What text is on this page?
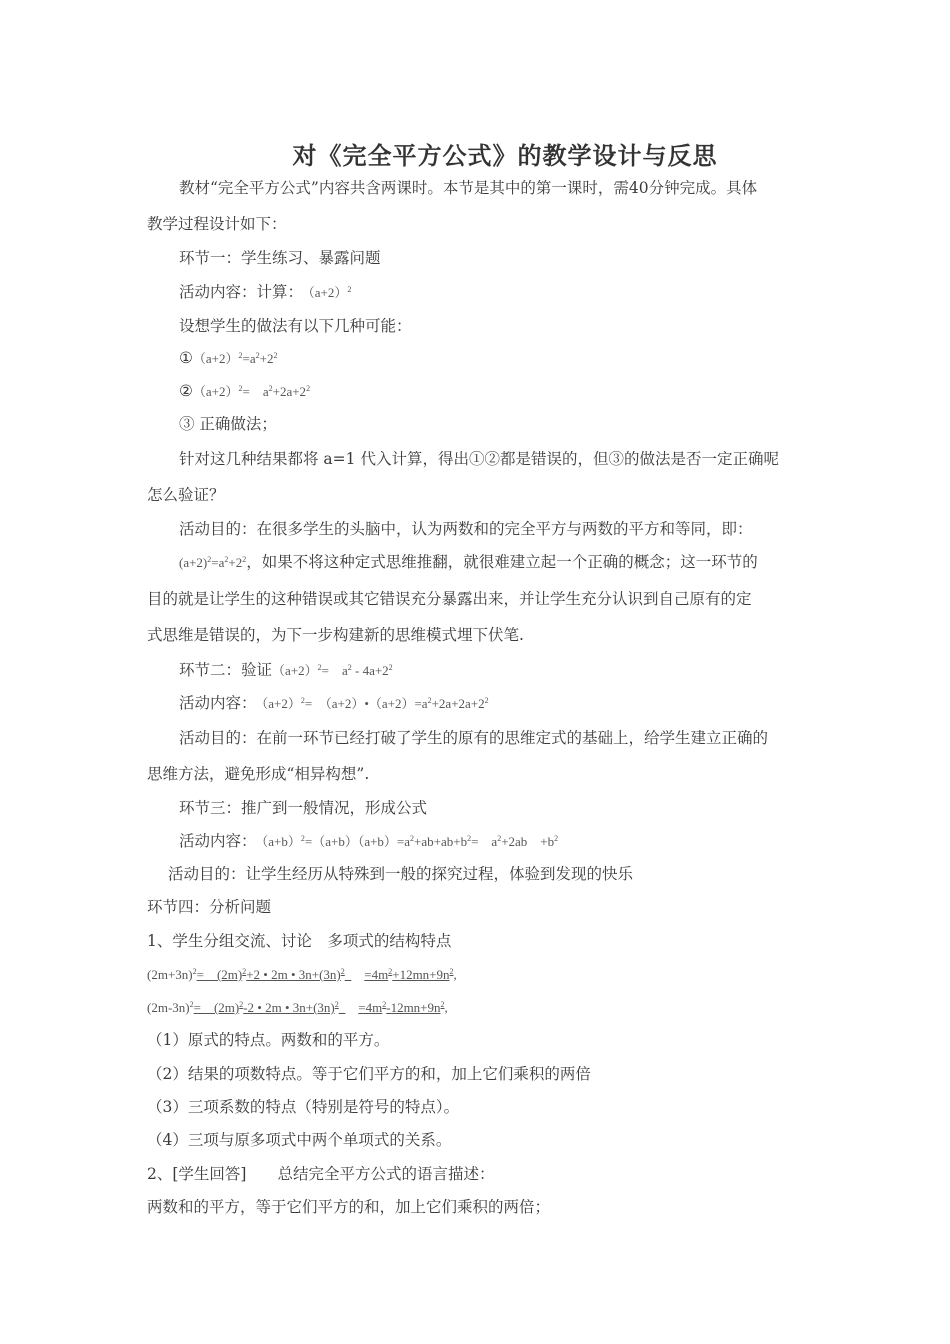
对《完全平方公式》的教学设计与反思
教材“完全平方公式”内容共含两课时。本节是其中的第一课时，需40分钟完成。具体
教学过程设计如下：
环节一：学生练习、暴露问题
活动内容：计算：　 $(a+2)^2$
设想学生的做法有以下几种可能：
$①(a+2)^2=a^2+2^2$
$②(a+2)^2=$　$a^2+2a+2^2$
③ 正确做法；
针对这几种结果都将 a=1 代入计算，得出①②都是错误的，但③的做法是否一定正确呢
怎么验证？
活动目的：在很多学生的头脑中，认为两数和的完全平方与两数的平方和等同，即：
$(a+2)^2=a^2+2^2$，如果不将这种定式思维推翻，就很难建立起一个正确的概念；这一环节的
目的就是让学生的这种错误或其它错误充分暴露出来，并让学生充分认识到自己原有的定
式思维是错误的，为下一步构建新的思维模式埋下伏笔.
环节二：验证$(a+2)^2=$　$a^2 - 4a+2^2$
活动内容：　 $(a+2)^2=$　$(a+2)•(a+2)=a^2+2a+2a+2^2$
活动目的：在前一环节已经打破了学生的原有的思维定式的基础上，给学生建立正确的
思维方法，避免形成“相异构想”.
环节三：推广到一般情况，形成公式
活动内容：　 $(a+b)^2=(a+b)(a+b)=a^2+ab+ab+b^2=$　$a^2+2ab$　$+b^2$
活动目的：让学生经历从特殊到一般的探究过程，体验到发现的快乐
环节四：分析问题
1、学生分组交流、讨论　多项式的结构特点
$(2m+3n)^2=$　$(2m)^2+2$ • 2m • $3n+(3n)^2\_$　 $=4m^2+12mn+9n^2$,
$(2m-3n)^2=$　$(2m)^2-2$ • 2m • $3n+(3n)^2\_$　 $=4m^2-12mn+9n^2$,
（1）原式的特点。两数和的平方。
（2）结果的项数特点。等于它们平方的和，加上它们乘积的两倍
（3）三项系数的特点（特别是符号的特点）。
（4）三项与原多项式中两个单项式的关系。
2、[学生回答]　　总结完全平方公式的语言描述：
两数和的平方，等于它们平方的和，加上它们乘积的两倍；
